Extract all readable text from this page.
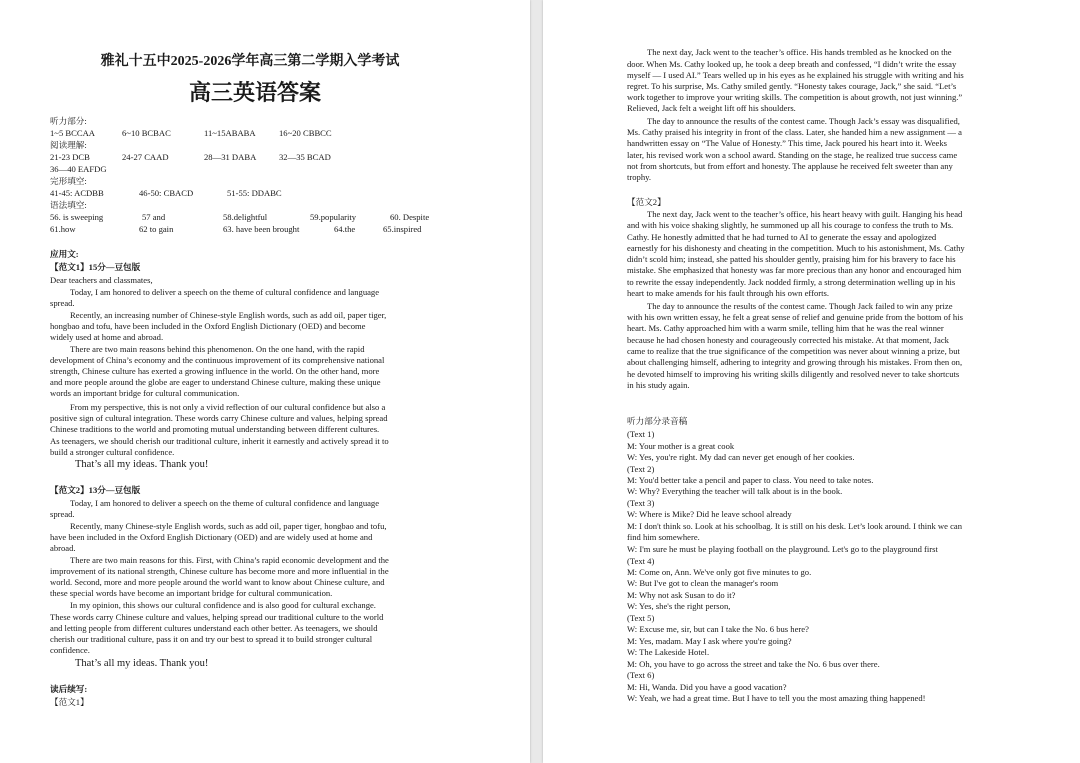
雅礼十五中2025-2026学年高三第二学期入学考试
高三英语答案
听力部分:
1~5 BCCAA	6~10 BCBAC	11~15ABABA	16~20 CBBCC
阅读理解:
21-23 DCB	24-27 CAAD	28—31 DABA	32—35 BCAD
36—40 EAFDG
完形填空:
41-45: ACDBB	46-50: CBACD	51-55: DDABC
语法填空:
56. is sweeping	57 and	58.delightful	59.popularity	60. Despite
61.how	62 to gain	63. have been brought	64.the	65.inspired
应用文:
【范文1】15分—豆包版
Dear teachers and classmates,
Today, I am honored to deliver a speech on the theme of cultural confidence and language
spread.
Recently, an increasing number of Chinese-style English words, such as add oil, paper tiger,
hongbao and tofu, have been included in the Oxford English Dictionary (OED) and become
widely used at home and abroad.
There are two main reasons behind this phenomenon. On the one hand, with the rapid
development of China’s economy and the continuous improvement of its comprehensive national
strength, Chinese culture has exerted a growing influence in the world. On the other hand, more
and more people around the globe are eager to understand Chinese culture, making these unique
words an important bridge for cultural communication.
From my perspective, this is not only a vivid reflection of our cultural confidence but also a
positive sign of cultural integration. These words carry Chinese culture and values, helping spread
Chinese traditions to the world and promoting mutual understanding between different cultures.
As teenagers, we should cherish our traditional culture, inherit it earnestly and actively spread it to
build a stronger cultural confidence.
That’s all my ideas. Thank you!
【范文2】13分—豆包版
Today, I am honored to deliver a speech on the theme of cultural confidence and language
spread.
Recently, many Chinese-style English words, such as add oil, paper tiger, hongbao and tofu,
have been included in the Oxford English Dictionary (OED) and are widely used at home and
abroad.
There are two main reasons for this. First, with China’s rapid economic development and the
improvement of its national strength, Chinese culture has become more and more influential in the
world. Second, more and more people around the world want to know about Chinese culture, and
these special words have become an important bridge for cultural communication.
In my opinion, this shows our cultural confidence and is also good for cultural exchange.
These words carry Chinese culture and values, helping spread our traditional culture to the world
and letting people from different cultures understand each other better. As teenagers, we should
cherish our traditional culture, pass it on and try our best to spread it to build stronger cultural
confidence.
That’s all my ideas. Thank you!
读后续写:
【范文1】
The next day, Jack went to the teacher’s office. His hands trembled as he knocked on the
door. When Ms. Cathy looked up, he took a deep breath and confessed, “I didn’t write the essay
myself — I used AI.” Tears welled up in his eyes as he explained his struggle with writing and his
regret. To his surprise, Ms. Cathy smiled gently. “Honesty takes courage, Jack,” she said. “Let’s
work together to improve your writing skills. The competition is about growth, not just winning.”
Relieved, Jack felt a weight lift off his shoulders.
The day to announce the results of the contest came. Though Jack’s essay was disqualified,
Ms. Cathy praised his integrity in front of the class. Later, she handed him a new assignment — a
handwritten essay on “The Value of Honesty.” This time, Jack poured his heart into it. Weeks
later, his revised work won a school award. Standing on the stage, he realized true success came
not from shortcuts, but from effort and honesty. The applause he received felt sweeter than any
trophy.
【范文2】
The next day, Jack went to the teacher’s office, his heart heavy with guilt. Hanging his head
and with his voice shaking slightly, he summoned up all his courage to confess the truth to Ms.
Cathy. He honestly admitted that he had turned to AI to generate the essay and apologized
earnestly for his dishonesty and cheating in the competition. Much to his astonishment, Ms. Cathy
didn’t scold him; instead, she patted his shoulder gently, praising him for his bravery to face his
mistake. She emphasized that honesty was far more precious than any honor and encouraged him
to rewrite the essay independently. Jack nodded firmly, a strong determination welling up in his
heart to make amends for his fault through his own efforts.
The day to announce the results of the contest came. Though Jack failed to win any prize
with his own written essay, he felt a great sense of relief and genuine pride from the bottom of his
heart. Ms. Cathy approached him with a warm smile, telling him that he was the real winner
because he had chosen honesty and courageously corrected his mistake. At that moment, Jack
came to realize that the true significance of the competition was never about winning a prize, but
about challenging himself, adhering to integrity and growing through his mistakes. From then on,
he devoted himself to improving his writing skills diligently and resolved never to take shortcuts
in his study again.
听力部分录音稿
(Text 1)
M: Your mother is a great cook
W: Yes, you're right. My dad can never get enough of her cookies.
(Text 2)
M: You'd better take a pencil and paper to class. You need to take notes.
W: Why? Everything the teacher will talk about is in the book.
(Text 3)
W: Where is Mike? Did he leave school already
M: I don't think so. Look at his schoolbag. It is still on his desk. Let’s look around. I think we can
find him somewhere.
W: I'm sure he must be playing football on the playground. Let's go to the playground first
(Text 4)
M: Come on, Ann. We've only got five minutes to go.
W: But I've got to clean the manager's room
M: Why not ask Susan to do it?
W: Yes, she's the right person,
(Text 5)
W: Excuse me, sir, but can I take the No. 6 bus here?
M: Yes, madam. May I ask where you're going?
W: The Lakeside Hotel.
M: Oh, you have to go across the street and take the No. 6 bus over there.
(Text 6)
M: Hi, Wanda. Did you have a good vacation?
W: Yeah, we had a great time. But I have to tell you the most amazing thing happened!
